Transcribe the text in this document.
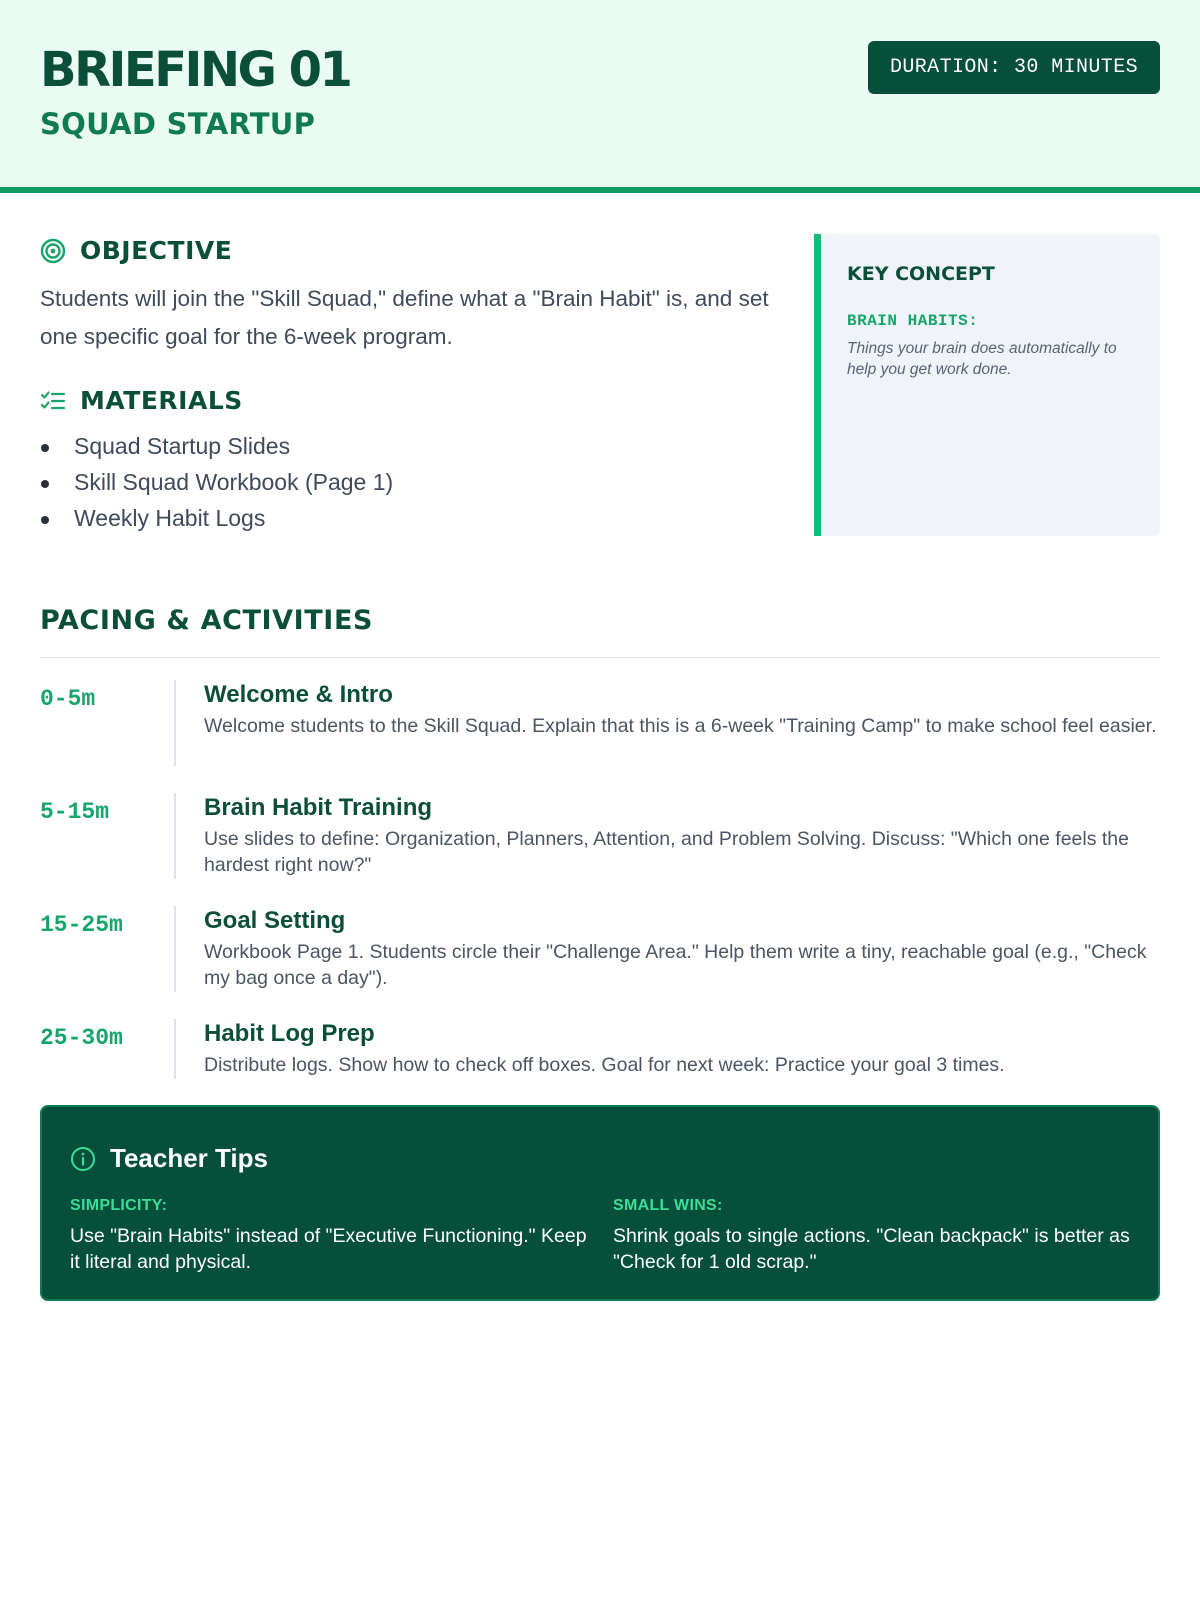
BRIEFING 01
SQUAD STARTUP
DURATION: 30 MINUTES
OBJECTIVE
Students will join the "Skill Squad," define what a "Brain Habit" is, and set one specific goal for the 6-week program.
MATERIALS
Squad Startup Slides
Skill Squad Workbook (Page 1)
Weekly Habit Logs
KEY CONCEPT
BRAIN HABITS:
Things your brain does automatically to help you get work done.
PACING & ACTIVITIES
0-5m	Welcome & Intro
Welcome students to the Skill Squad. Explain that this is a 6-week "Training Camp" to make school feel easier.
5-15m	Brain Habit Training
Use slides to define: Organization, Planners, Attention, and Problem Solving. Discuss: "Which one feels the hardest right now?"
15-25m	Goal Setting
Workbook Page 1. Students circle their "Challenge Area." Help them write a tiny, reachable goal (e.g., "Check my bag once a day").
25-30m	Habit Log Prep
Distribute logs. Show how to check off boxes. Goal for next week: Practice your goal 3 times.
Teacher Tips
SIMPLICITY:
Use "Brain Habits" instead of "Executive Functioning." Keep it literal and physical.
SMALL WINS:
Shrink goals to single actions. "Clean backpack" is better as "Check for 1 old scrap."
